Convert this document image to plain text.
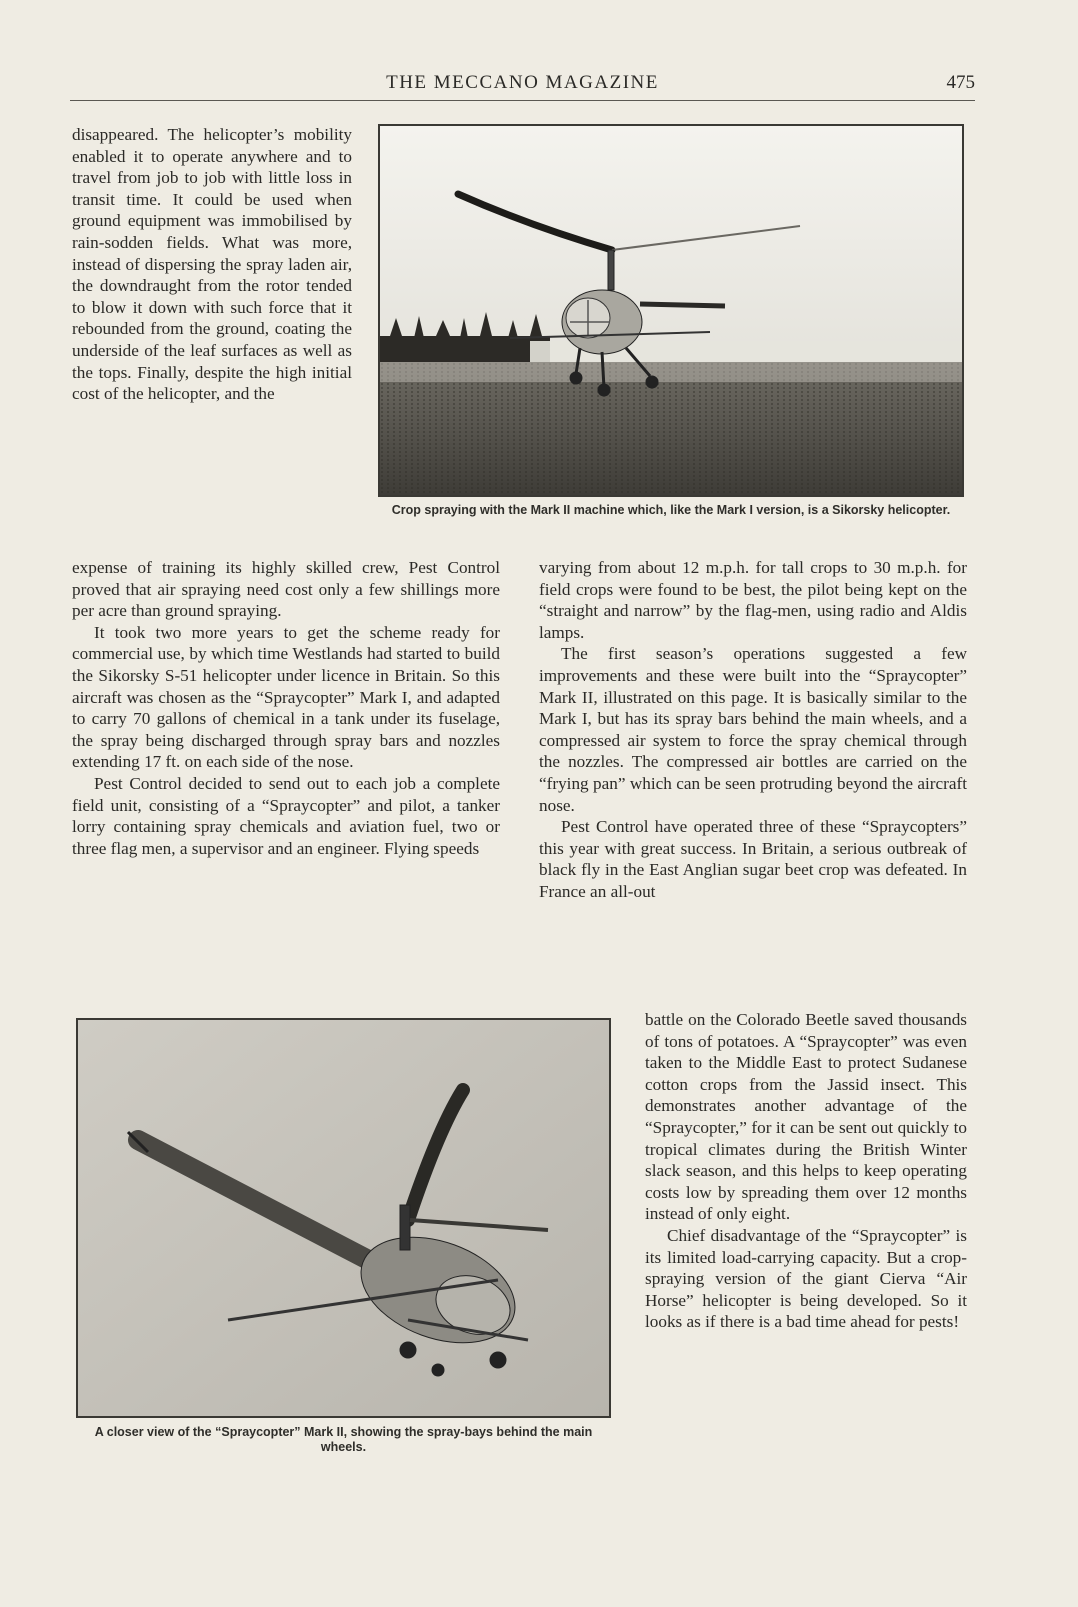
THE MECCANO MAGAZINE	475
Crop spraying with the Mark II machine which, like the Mark I version, is a Sikorsky helicopter.

disappeared. The helicopter’s mobility enabled it to operate anywhere and to travel from job to job with little loss in transit time. It could be used when ground equipment was immobilised by rain-sodden fields. What was more, instead of dispersing the spray laden air, the downdraught from the rotor tended to blow it down with such force that it rebounded from the ground, coating the underside of the leaf surfaces as well as the tops. Finally, despite the high initial cost of the helicopter, and the

expense of training its highly skilled crew, Pest Control proved that air spraying need cost only a few shillings more per acre than ground spraying.

It took two more years to get the scheme ready for commercial use, by which time Westlands had started to build the Sikorsky S-51 helicopter under licence in Britain. So this aircraft was chosen as the “Spraycopter” Mark I, and adapted to carry 70 gallons of chemical in a tank under its fuselage, the spray being discharged through spray bars and nozzles extending 17 ft. on each side of the nose.

Pest Control decided to send out to each job a complete field unit, consisting of a “Spraycopter” and pilot, a tanker lorry containing spray chemicals and aviation fuel, two or three flag men, a supervisor and an engineer. Flying speeds

varying from about 12 m.p.h. for tall crops to 30 m.p.h. for field crops were found to be best, the pilot being kept on the “straight and narrow” by the flag-men, using radio and Aldis lamps.

The first season’s operations suggested a few improvements and these were built into the “Spraycopter” Mark II, illustrated on this page. It is basically similar to the Mark I, but has its spray bars behind the main wheels, and a compressed air system to force the spray chemical through the nozzles. The compressed air bottles are carried on the “frying pan” which can be seen protruding beyond the aircraft nose.

Pest Control have operated three of these “Spraycopters” this year with great success. In Britain, a serious outbreak of black fly in the East Anglian sugar beet crop was defeated. In France an all-out

A closer view of the “Spraycopter” Mark II, showing the spray-bays behind the main wheels.

battle on the Colorado Beetle saved thousands of tons of potatoes. A “Spraycopter” was even taken to the Middle East to protect Sudanese cotton crops from the Jassid insect. This demonstrates another advantage of the “Spraycopter,” for it can be sent out quickly to tropical climates during the British Winter slack season, and this helps to keep operating costs low by spreading them over 12 months instead of only eight.

Chief disadvantage of the “Spraycopter” is its limited load-carrying capacity. But a crop-spraying version of the giant Cierva “Air Horse” helicopter is being developed. So it looks as if there is a bad time ahead for pests!
